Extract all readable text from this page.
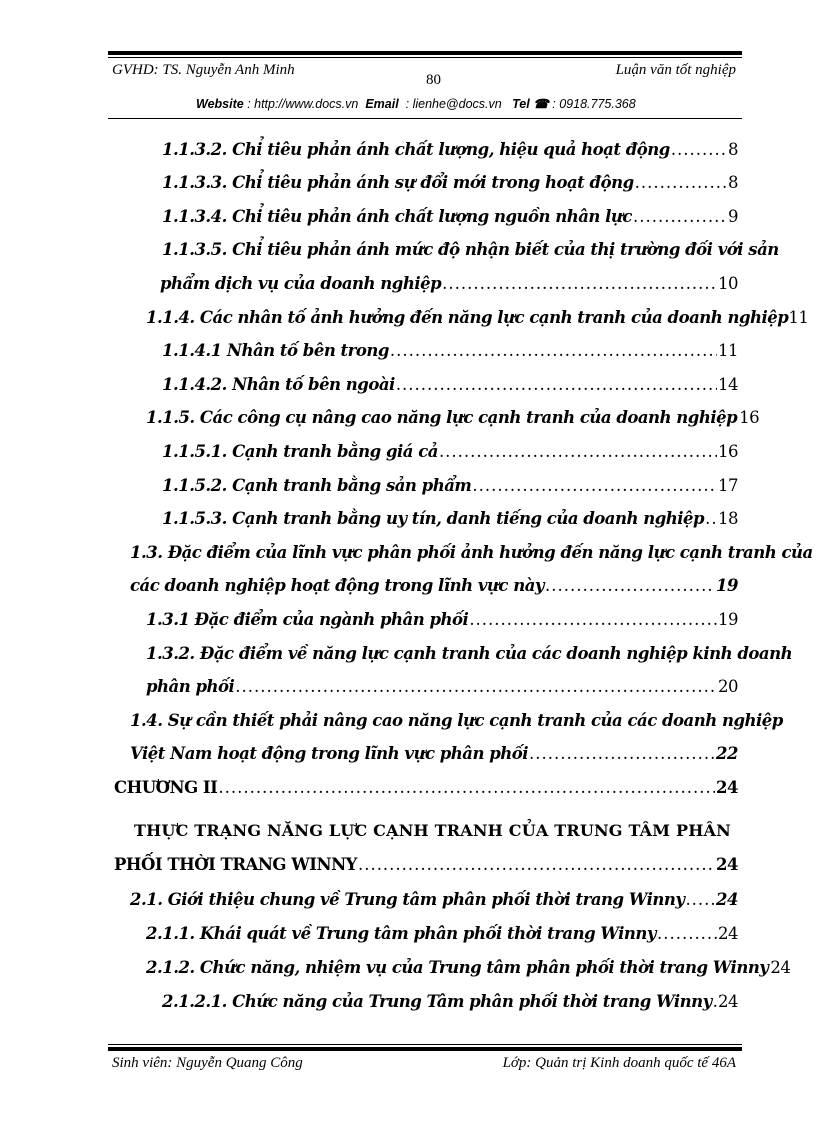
GVHD: TS. Nguyễn Anh Minh	Luận văn tốt nghiệp
80
Website : http://www.docs.vn Email : lienhe@docs.vn Tel ☎ : 0918.775.368
1.1.3.2. Chỉ tiêu phản ánh chất lượng, hiệu quả hoạt động .....	8
1.1.3.3. Chỉ tiêu phản ánh sự đổi mới trong hoạt động .....	8
1.1.3.4. Chỉ tiêu phản ánh chất lượng nguồn nhân lực .....	9
1.1.3.5. Chỉ tiêu phản ánh mức độ nhận biết của thị trường đối với sản
phẩm dịch vụ của doanh nghiệp .....	10
1.1.4. Các nhân tố ảnh hưởng đến năng lực cạnh tranh của doanh nghiệp 11
1.1.4.1 Nhân tố bên trong .....	11
1.1.4.2. Nhân tố bên ngoài .....	14
1.1.5. Các công cụ nâng cao năng lực cạnh tranh của doanh nghiệp 16
1.1.5.1. Cạnh tranh bằng giá cả .....	16
1.1.5.2. Cạnh tranh bằng sản phẩm .....	17
1.1.5.3. Cạnh tranh bằng uy tín, danh tiếng của doanh nghiệp ..... 18
1.3. Đặc điểm của lĩnh vực phân phối ảnh hưởng đến năng lực cạnh tranh của
các doanh nghiệp hoạt động trong lĩnh vực này .....	19
1.3.1 Đặc điểm của ngành phân phối .....	19
1.3.2. Đặc điểm về năng lực cạnh tranh của các doanh nghiệp kinh doanh
phân phối .....	20
1.4. Sự cần thiết phải nâng cao năng lực cạnh tranh của các doanh nghiệp
Việt Nam hoạt động trong lĩnh vực phân phối .....	22
CHƯƠNG II .....	24
THỰC TRẠNG NĂNG LỰC CẠNH TRANH CỦA TRUNG TÂM PHÂN
PHỐI THỜI TRANG WINNY .....	24
2.1. Giới thiệu chung về Trung tâm phân phối thời trang Winny ..... 24
2.1.1. Khái quát về Trung tâm phân phối thời trang Winny .....	24
2.1.2. Chức năng, nhiệm vụ của Trung tâm phân phối thời trang Winny 24
2.1.2.1. Chức năng của Trung Tâm phân phối thời trang Winny ..... 24
Sinh viên: Nguyễn Quang Công	Lớp: Quản trị Kinh doanh quốc tế 46A
